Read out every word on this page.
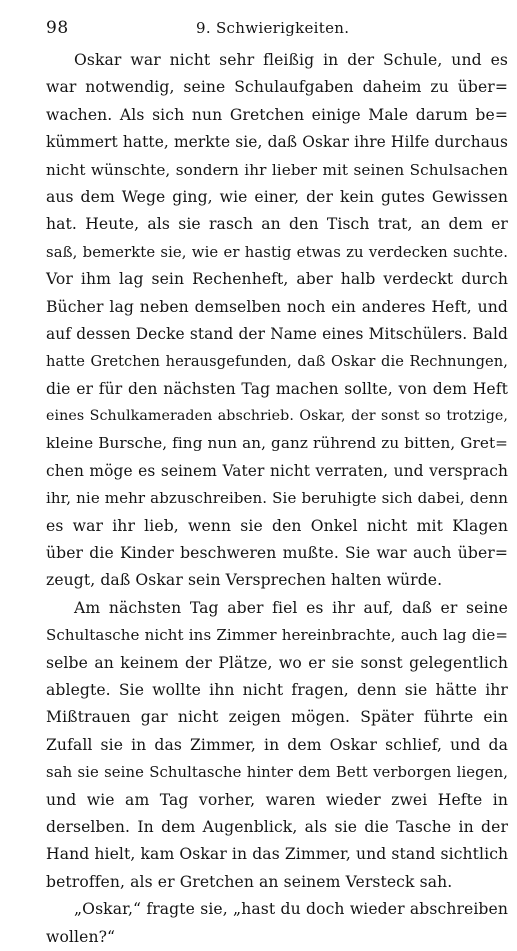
98	9. Schwierigkeiten.
Oskar war nicht sehr fleißig in der Schule, und es
war notwendig, seine Schulaufgaben daheim zu über=
wachen. Als sich nun Gretchen einige Male darum be=
kümmert hatte, merkte sie, daß Oskar ihre Hilfe durchaus
nicht wünschte, sondern ihr lieber mit seinen Schulsachen
aus dem Wege ging, wie einer, der kein gutes Gewissen
hat. Heute, als sie rasch an den Tisch trat, an dem er
saß, bemerkte sie, wie er hastig etwas zu verdecken suchte.
Vor ihm lag sein Rechenheft, aber halb verdeckt durch
Bücher lag neben demselben noch ein anderes Heft, und
auf dessen Decke stand der Name eines Mitschülers. Bald
hatte Gretchen herausgefunden, daß Oskar die Rechnungen,
die er für den nächsten Tag machen sollte, von dem Heft
eines Schulkameraden abschrieb. Oskar, der sonst so trotzige,
kleine Bursche, fing nun an, ganz rührend zu bitten, Gret=
chen möge es seinem Vater nicht verraten, und versprach
ihr, nie mehr abzuschreiben. Sie beruhigte sich dabei, denn
es war ihr lieb, wenn sie den Onkel nicht mit Klagen
über die Kinder beschweren mußte. Sie war auch über=
zeugt, daß Oskar sein Versprechen halten würde.
Am nächsten Tag aber fiel es ihr auf, daß er seine
Schultasche nicht ins Zimmer hereinbrachte, auch lag die=
selbe an keinem der Plätze, wo er sie sonst gelegentlich
ablegte. Sie wollte ihn nicht fragen, denn sie hätte ihr
Mißtrauen gar nicht zeigen mögen. Später führte ein
Zufall sie in das Zimmer, in dem Oskar schlief, und da
sah sie seine Schultasche hinter dem Bett verborgen liegen,
und wie am Tag vorher, waren wieder zwei Hefte in
derselben. In dem Augenblick, als sie die Tasche in der
Hand hielt, kam Oskar in das Zimmer, und stand sichtlich
betroffen, als er Gretchen an seinem Versteck sah.
„Oskar,“ fragte sie, „hast du doch wieder abschreiben
wollen?“
